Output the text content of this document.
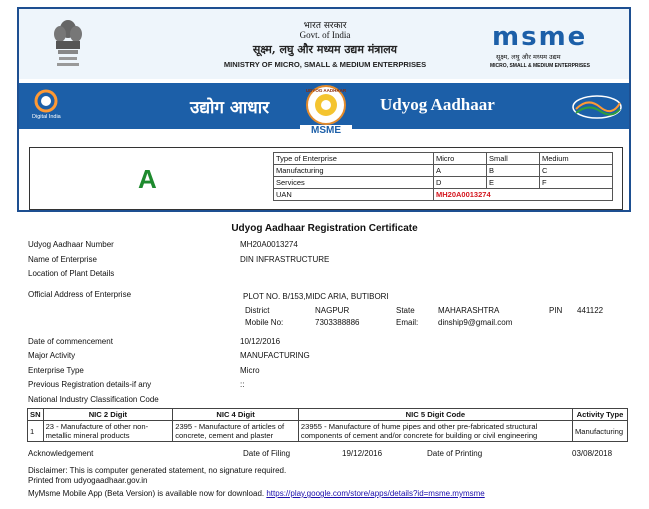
भारत सरकार
Govt. of India
सूक्ष्म, लघु और मध्यम उद्यम मंत्रालय
MINISTRY OF MICRO, SMALL & MEDIUM ENTERPRISES
msme
सूक्ष्म, लघु और मध्यम उद्यम
MICRO, SMALL & MEDIUM ENTERPRISES
Digital India	उद्योग आधार
UDYOG AADHAAR
MSME
Udyog Aadhaar
A
Type of Enterprise	Micro	Small	Medium
Manufacturing	A	B	C
Services	D	E	F
UAN	MH20A0013274		
Udyog Aadhaar Registration Certificate
Udyog Aadhaar Number	MH20A0013274
Name of Enterprise	DIN INFRASTRUCTURE
Location of Plant Details
Official Address of Enterprise	PLOT NO. B/153,MIDC ARIA, BUTIBORI
District	NAGPUR	State	MAHARASHTRA	PIN 441122
Mobile No:	7303388886	Email: dinship9@gmail.com
Date of commencement	10/12/2016
Major Activity	MANUFACTURING
Enterprise Type	Micro
Previous Registration details-if any	::
National Industry Classification Code
SN	NIC 2 Digit	NIC 4 Digit	NIC 5 Digit Code	Activity Type
1	23 - Manufacture of other non-metallic mineral products	2395 - Manufacture of articles of concrete, cement and plaster	23955 - Manufacture of hume pipes and other pre-fabricated structural components of cement and/or concrete for building or civil engineering	Manufacturing
Acknowledgement	Date of Filing	19/12/2016	Date of Printing	03/08/2018
Disclaimer: This is computer generated statement, no signature required.
Printed from udyogaadhaar.gov.in
MyMsme Mobile App (Beta Version) is available now for download. https://play.google.com/store/apps/details?id=msme.mymsme
